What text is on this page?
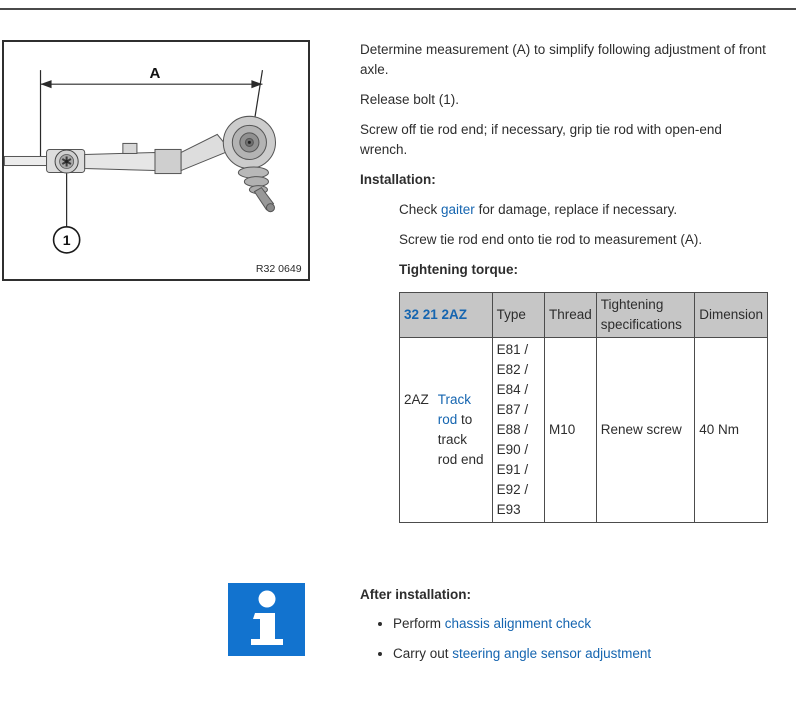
A
1
R32 0649

Determine measurement (A) to simplify following adjustment of front axle.

Release bolt (1).

Screw off tie rod end; if necessary, grip tie rod with open-end wrench.

Installation:

Check gaiter for damage, replace if necessary.

Screw tie rod end onto tie rod to measurement (A).

Tightening torque:

32 21 2AZ	Type	Thread	Tightening specifications	Dimension

2AZ Track rod to track rod end	E81 / E82 / E84 / E87 / E88 / E90 / E91 / E92 / E93	M10	Renew screw	40 Nm

After installation:

• Perform chassis alignment check
• Carry out steering angle sensor adjustment
